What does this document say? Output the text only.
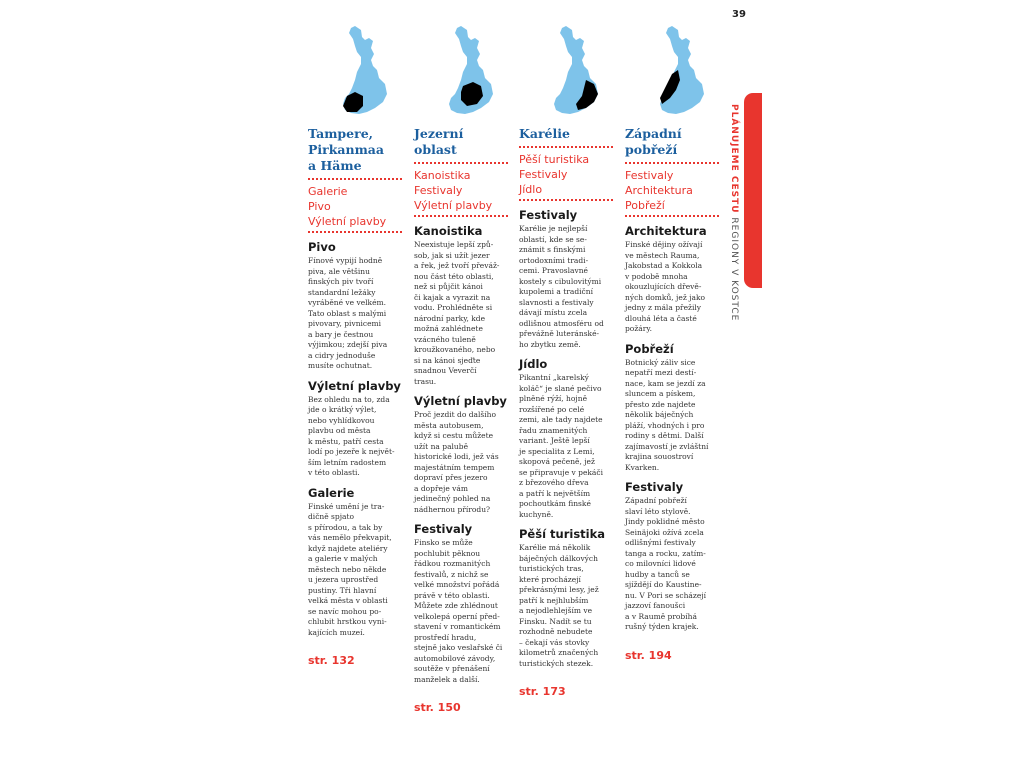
39
PLÁNUJEME CESTU REGIONY V KOSTCE
Tampere,
Pirkanmaa
a Häme
Galerie
Pivo
Výletní plavby
Pivo
Fínové vypijí hodně
piva, ale většinu
finských piv tvoří
standardní ležáky
vyráběné ve velkém.
Tato oblast s malými
pivovary, pivnicemi
a bary je čestnou
výjimkou; zdejší piva
a cidry jednoduše
musíte ochutnat.
Výletní plavby
Bez ohledu na to, zda
jde o krátký výlet,
nebo vyhlídkovou
plavbu od města
k městu, patří cesta
lodí po jezeře k největ-
ším letním radostem
v této oblasti.
Galerie
Finské umění je tra-
dičně spjato
s přírodou, a tak by
vás nemělo překvapit,
když najdete ateliéry
a galerie v malých
městech nebo někde
u jezera uprostřed
pustiny. Tři hlavní
velká města v oblasti
se navíc mohou po-
chlubit hrstkou vyni-
kajících muzeí.
str. 132
Jezerní
oblast
Kanoistika
Festivaly
Výletní plavby
Kanoistika
Neexistuje lepší způ-
sob, jak si užít jezer
a řek, jež tvoří převáž-
nou část této oblasti,
než si půjčit kánoi
či kajak a vyrazit na
vodu. Prohlédněte si
národní parky, kde
možná zahlédnete
vzácného tuleně
kroužkovaného, nebo
si na kánoi sjeďte
snadnou Veverčí
trasu.
Výletní plavby
Proč jezdit do dalšího
města autobusem,
když si cestu můžete
užít na palubě
historické lodi, jež vás
majestátním tempem
dopraví přes jezero
a dopřeje vám
jedinečný pohled na
nádhernou přírodu?
Festivaly
Finsko se může
pochlubit pěknou
řádkou rozmanitých
festivalů, z nichž se
velké množství pořádá
právě v této oblasti.
Můžete zde zhlédnout
velkolepá operní před-
stavení v romantickém
prostředí hradu,
stejně jako veslařské či
automobilové závody,
soutěže v přenášení
manželek a další.
str. 150
Karélie
Pěší turistika
Festivaly
Jídlo
Festivaly
Karélie je nejlepší
oblastí, kde se se-
známit s finskými
ortodoxními tradi-
cemi. Pravoslavné
kostely s cibulovitými
kupolemi a tradiční
slavnosti a festivaly
dávají místu zcela
odlišnou atmosféru od
převážně luteránské-
ho zbytku země.
Jídlo
Pikantní „karelský
koláč“ je slané pečivo
plněné rýží, hojně
rozšířené po celé
zemi, ale tady najdete
řadu znamenitých
variant. Ještě lepší
je specialita z Lemi,
skopová pečeně, jež
se připravuje v pekáči
z březového dřeva
a patří k největším
pochoutkám finské
kuchyně.
Pěší turistika
Karélie má několik
báječných dálkových
turistických tras,
které procházejí
překrásnými lesy, jež
patří k nejhlubším
a nejodlehlejším ve
Finsku. Nadít se tu
rozhodně nebudete
– čekají vás stovky
kilometrů značených
turistických stezek.
str. 173
Západní
pobřeží
Festivaly
Architektura
Pobřeží
Architektura
Finské dějiny ožívají
ve městech Rauma,
Jakobstad a Kokkola
v podobě mnoha
okouzlujících dřevě-
ných domků, jež jako
jedny z mála přežily
dlouhá léta a časté
požáry.
Pobřeží
Botnický záliv sice
nepatří mezi destí-
nace, kam se jezdí za
sluncem a pískem,
přesto zde najdete
několik báječných
pláží, vhodných i pro
rodiny s dětmi. Další
zajímavostí je zvláštní
krajina souostroví
Kvarken.
Festivaly
Západní pobřeží
slaví léto stylově.
Jindy poklidné město
Seinäjoki ožívá zcela
odlišnými festivaly
tanga a rocku, zatím-
co milovníci lidové
hudby a tanců se
sjíždějí do Kaustine-
nu. V Pori se scházejí
jazzoví fanoušci
a v Raumě probíhá
rušný týden krajek.
str. 194
